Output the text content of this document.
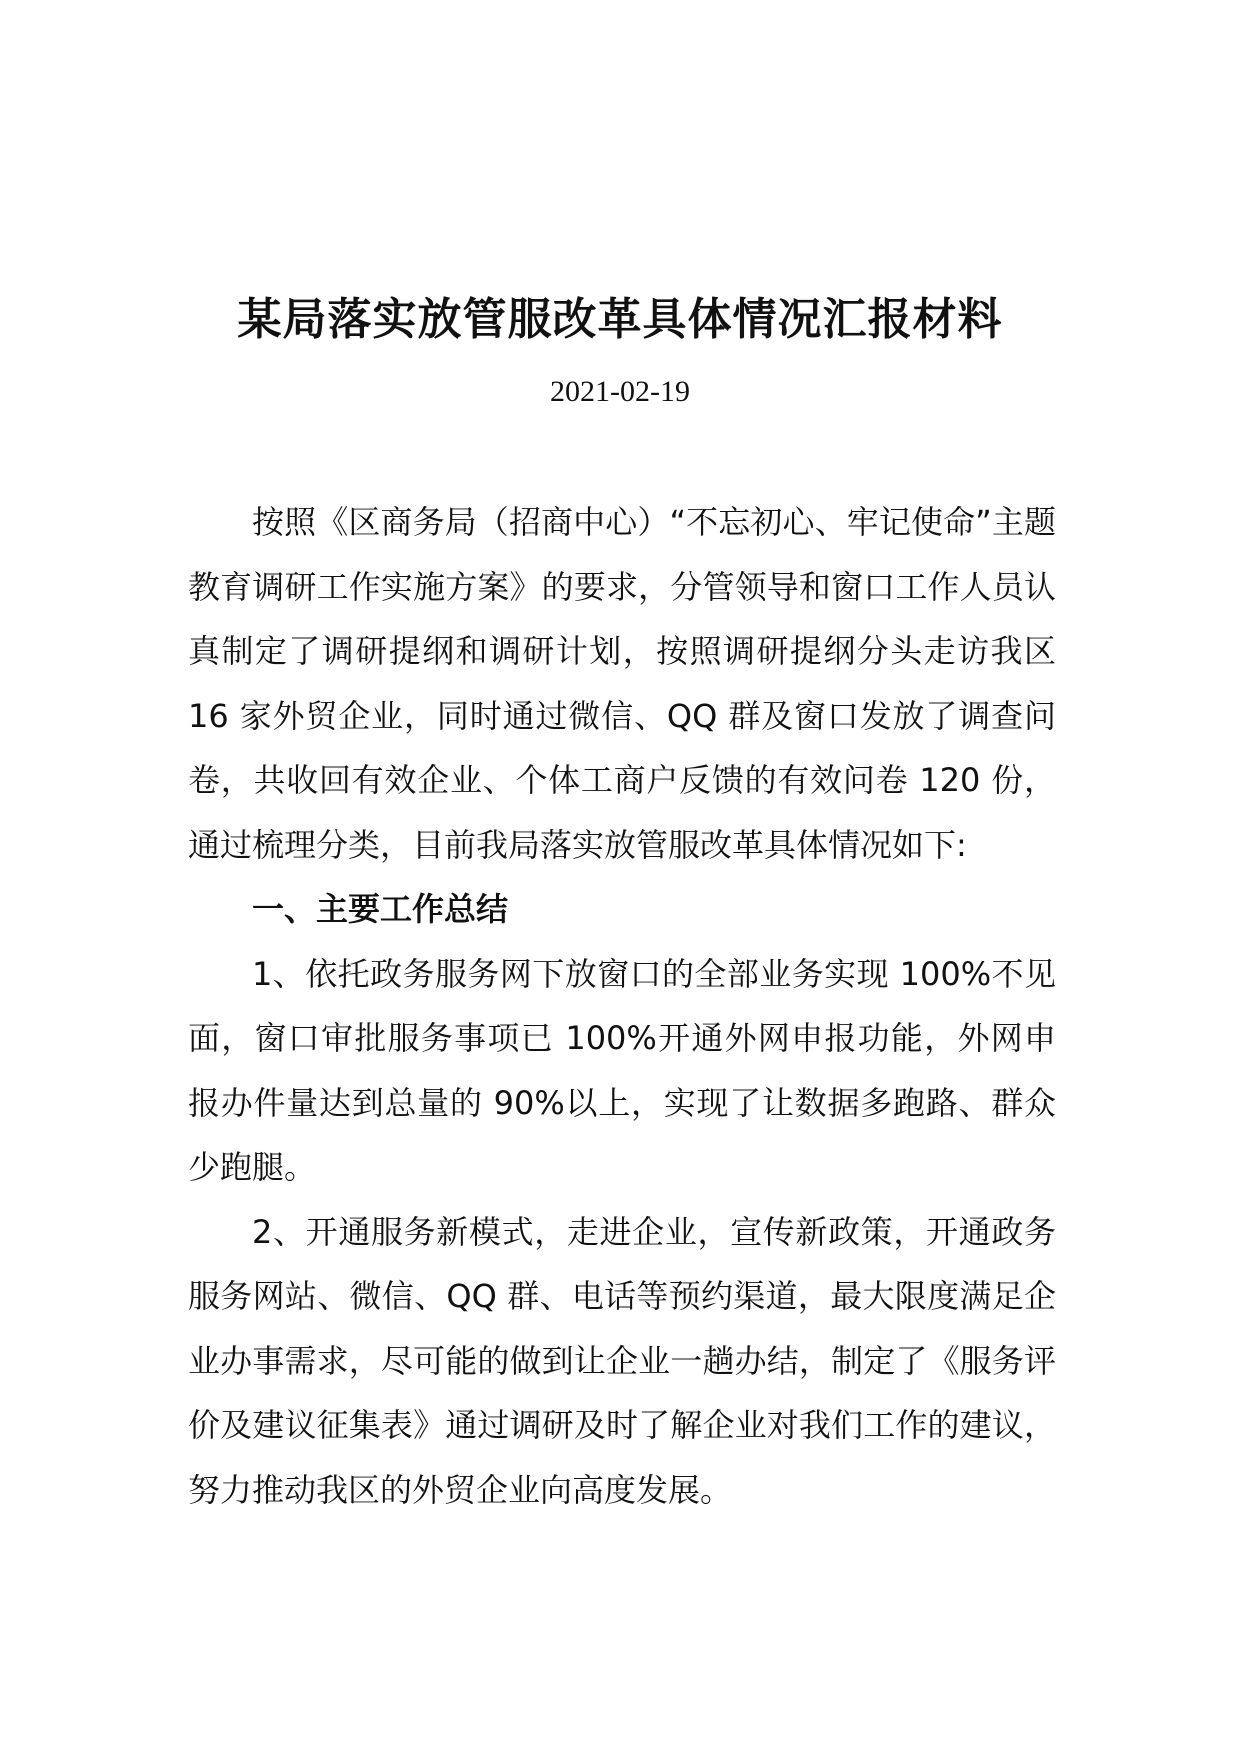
某局落实放管服改革具体情况汇报材料
2021-02-19

按照《区商务局（招商中心）“不忘初心、牢记使命”主题教育调研工作实施方案》的要求，分管领导和窗口工作人员认真制定了调研提纲和调研计划，按照调研提纲分头走访我区 16 家外贸企业，同时通过微信、QQ 群及窗口发放了调查问卷，共收回有效企业、个体工商户反馈的有效问卷 120 份，通过梳理分类，目前我局落实放管服改革具体情况如下:

一、主要工作总结

1、依托政务服务网下放窗口的全部业务实现 100%不见面，窗口审批服务事项已 100%开通外网申报功能，外网申报办件量达到总量的 90%以上，实现了让数据多跑路、群众少跑腿。

2、开通服务新模式，走进企业，宣传新政策，开通政务服务网站、微信、QQ 群、电话等预约渠道，最大限度满足企业办事需求，尽可能的做到让企业一趟办结，制定了《服务评价及建议征集表》通过调研及时了解企业对我们工作的建议，努力推动我区的外贸企业向高度发展。
